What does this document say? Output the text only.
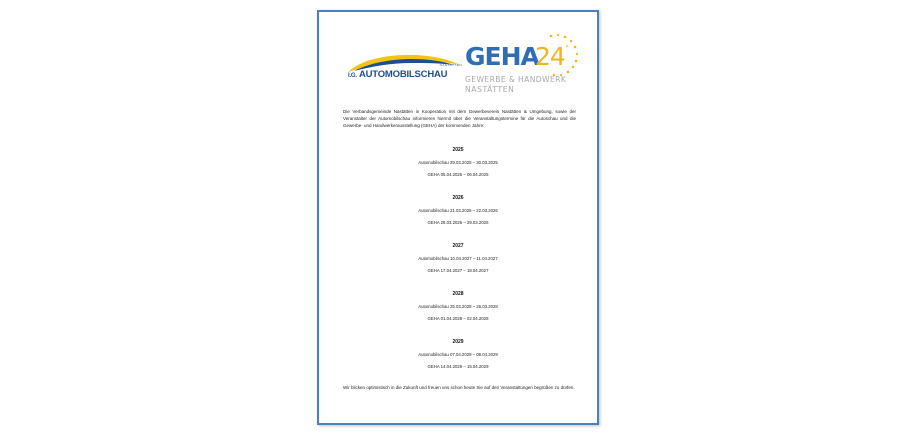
NASTÄTTEN
I.G. AUTOMOBILSCHAU
GEHA
24
GEWERBE & HANDWERK
NASTÄTTEN

Die Verbandsgemeinde Nastätten in Kooperation mit dem Gewerbeverein Nastätten & Umgebung, sowie der Veranstalter der Automobilschau informieren hiermit über die Veranstaltungstermine für die Autoschau und die Gewerbe- und Handwerkerausstellung (GEHA) der kommenden Jahre:

2025
Automobilschau 29.03.2025 – 30.03.2025
GEHA 05.04.2025 – 06.04.2025
2026
Automobilschau 21.03.2026 – 22.03.2026
GEHA 28.03.2026 – 29.03.2026
2027
Automobilschau 10.04.2027 – 11.04.2027
GEHA 17.04.2027 – 18.04.2027
2028
Automobilschau 25.03.2028 – 26.03.2028
GEHA 01.04.2028 – 02.04.2028
2029
Automobilschau 07.04.2029 – 08.04.2029
GEHA 14.04.2029 – 15.04.2029

Wir blicken optimistisch in die Zukunft und freuen uns schon heute Sie auf den Veranstaltungen begrüßen zu dürfen.
